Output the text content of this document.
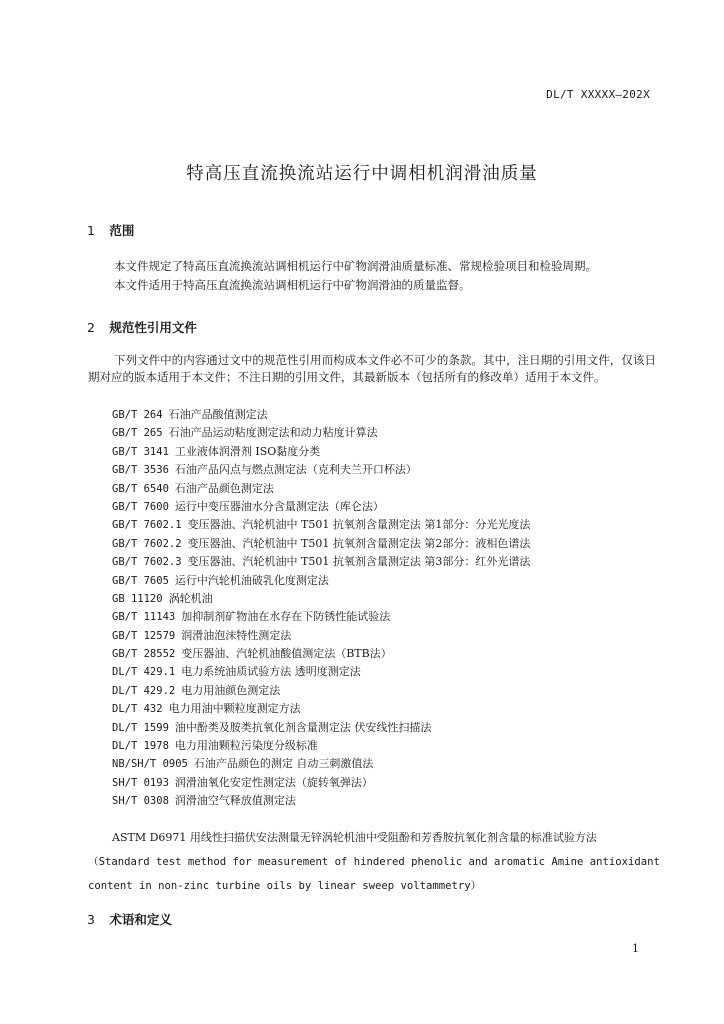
DL/T XXXXX—202X
特高压直流换流站运行中调相机润滑油质量
1 范围
本文件规定了特高压直流换流站调相机运行中矿物润滑油质量标准、常规检验项目和检验周期。
本文件适用于特高压直流换流站调相机运行中矿物润滑油的质量监督。
2 规范性引用文件
下列文件中的内容通过文中的规范性引用而构成本文件必不可少的条款。其中，注日期的引用文件，仅该日期对应的版本适用于本文件；不注日期的引用文件，其最新版本（包括所有的修改单）适用于本文件。
GB/T 264 石油产品酸值测定法
GB/T 265 石油产品运动粘度测定法和动力粘度计算法
GB/T 3141 工业液体润滑剂 ISO黏度分类
GB/T 3536 石油产品闪点与燃点测定法（克利夫兰开口杯法）
GB/T 6540 石油产品颜色测定法
GB/T 7600 运行中变压器油水分含量测定法（库仑法）
GB/T 7602.1 变压器油、汽轮机油中 T501 抗氧剂含量测定法 第1部分：分光光度法
GB/T 7602.2 变压器油、汽轮机油中 T501 抗氧剂含量测定法 第2部分：液相色谱法
GB/T 7602.3 变压器油、汽轮机油中 T501 抗氧剂含量测定法 第3部分：红外光谱法
GB/T 7605 运行中汽轮机油破乳化度测定法
GB 11120 涡轮机油
GB/T 11143 加抑制剂矿物油在水存在下防锈性能试验法
GB/T 12579 润滑油泡沫特性测定法
GB/T 28552 变压器油、汽轮机油酸值测定法（BTB法）
DL/T 429.1 电力系统油质试验方法 透明度测定法
DL/T 429.2 电力用油颜色测定法
DL/T 432 电力用油中颗粒度测定方法
DL/T 1599 油中酚类及胺类抗氧化剂含量测定法 伏安线性扫描法
DL/T 1978 电力用油颗粒污染度分级标准
NB/SH/T 0905 石油产品颜色的测定 自动三刺激值法
SH/T 0193 润滑油氧化安定性测定法（旋转氧弹法）
SH/T 0308 润滑油空气释放值测定法
ASTM D6971 用线性扫描伏安法测量无锌涡轮机油中受阻酚和芳香胺抗氧化剂含量的标准试验方法
（Standard test method for measurement of hindered phenolic and aromatic Amine antioxidant
content in non-zinc turbine oils by linear sweep voltammetry）
3 术语和定义
1
